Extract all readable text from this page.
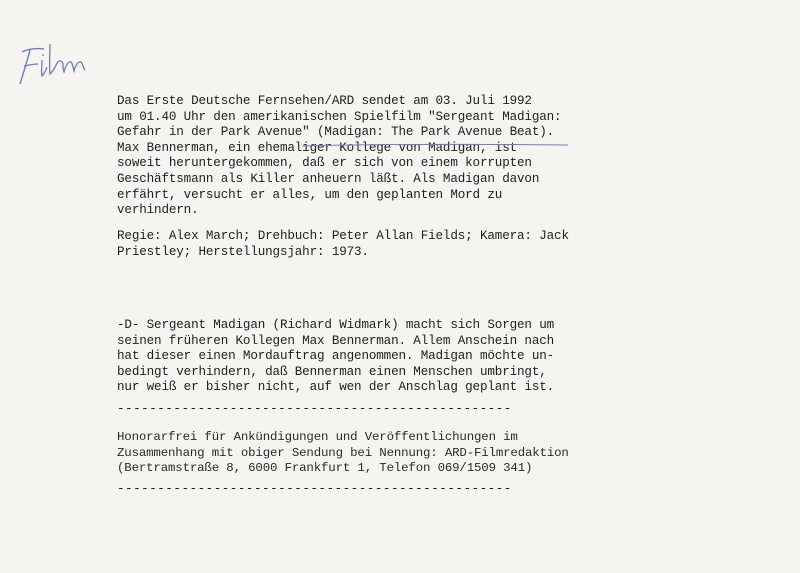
Das Erste Deutsche Fernsehen/ARD sendet am 03. Juli 1992
um 01.40 Uhr den amerikanischen Spielfilm "Sergeant Madigan:
Gefahr in der Park Avenue" (Madigan: The Park Avenue Beat).
Max Bennerman, ein ehemaliger Kollege von Madigan, ist
soweit heruntergekommen, daß er sich von einem korrupten
Geschäftsmann als Killer anheuern läßt. Als Madigan davon
erfährt, versucht er alles, um den geplanten Mord zu
verhindern.
Regie: Alex March; Drehbuch: Peter Allan Fields; Kamera: Jack
Priestley; Herstellungsjahr: 1973.
-D- Sergeant Madigan (Richard Widmark) macht sich Sorgen um
seinen früheren Kollegen Max Bennerman. Allem Anschein nach
hat dieser einen Mordauftrag angenommen. Madigan möchte un-
bedingt verhindern, daß Bennerman einen Menschen umbringt,
nur weiß er bisher nicht, auf wen der Anschlag geplant ist.
-------------------------------------------------
Honorarfrei für Ankündigungen und Veröffentlichungen im
Zusammenhang mit obiger Sendung bei Nennung: ARD-Filmredaktion
(Bertramstraße 8, 6000 Frankfurt 1, Telefon 069/1509 341)
-------------------------------------------------
